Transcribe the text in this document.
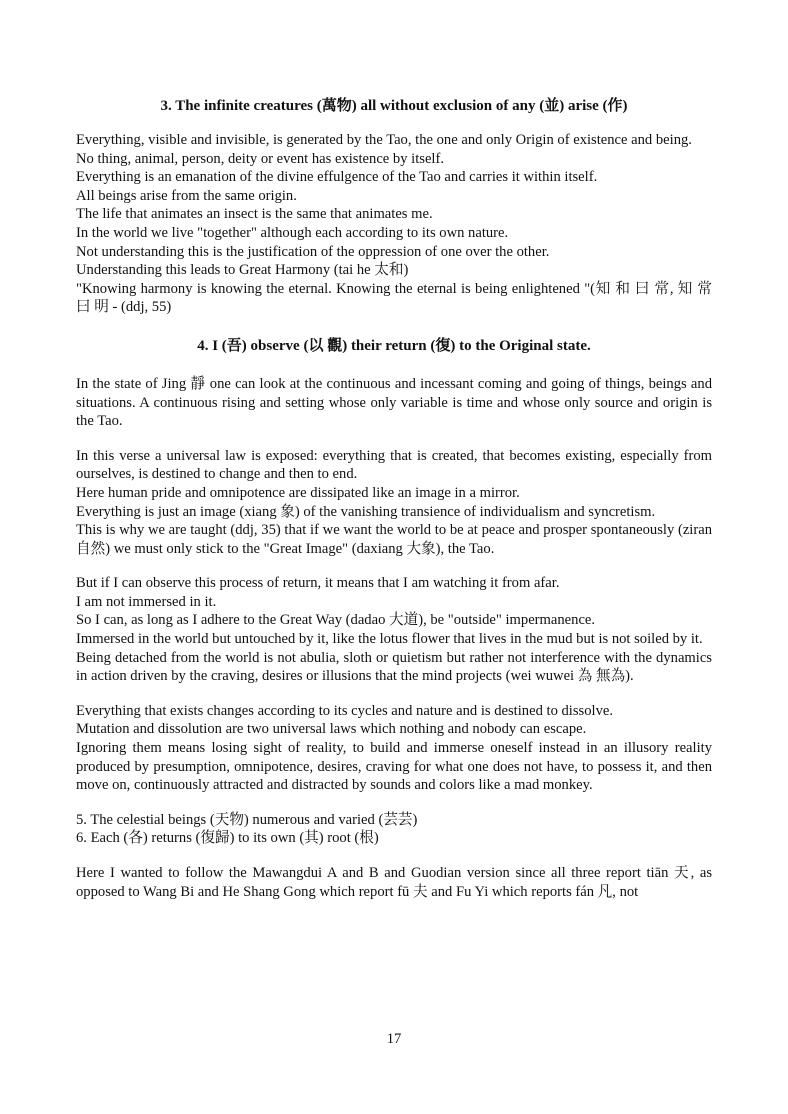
3. The infinite creatures (萬物) all without exclusion of any (並) arise (作)

Everything, visible and invisible, is generated by the Tao, the one and only Origin of existence and being.

No thing, animal, person, deity or event has existence by itself.

Everything is an emanation of the divine effulgence of the Tao and carries it within itself.

All beings arise from the same origin.

The life that animates an insect is the same that animates me.

In the world we live "together" although each according to its own nature.

Not understanding this is the justification of the oppression of one over the other.

Understanding this leads to Great Harmony (tai he 太和)

"Knowing harmony is knowing the eternal. Knowing the eternal is being enlightened "(知 和 曰 常, 知 常 曰 明 - (ddj, 55)

4. I (吾) observe (以 觀) their return (復) to the Original state.

In the state of Jing 靜 one can look at the continuous and incessant coming and going of things, beings and situations. A continuous rising and setting whose only variable is time and whose only source and origin is the Tao.

In this verse a universal law is exposed: everything that is created, that becomes existing, especially from ourselves, is destined to change and then to end.

Here human pride and omnipotence are dissipated like an image in a mirror.

Everything is just an image (xiang 象) of the vanishing transience of individualism and syncretism.

This is why we are taught (ddj, 35) that if we want the world to be at peace and prosper spontaneously (ziran 自然) we must only stick to the "Great Image" (daxiang 大象), the Tao.

But if I can observe this process of return, it means that I am watching it from afar.

I am not immersed in it.

So I can, as long as I adhere to the Great Way (dadao 大道), be "outside" impermanence.

Immersed in the world but untouched by it, like the lotus flower that lives in the mud but is not soiled by it.

Being detached from the world is not abulia, sloth or quietism but rather not interference with the dynamics in action driven by the craving, desires or illusions that the mind projects (wei wuwei 為 無為).

Everything that exists changes according to its cycles and nature and is destined to dissolve.

Mutation and dissolution are two universal laws which nothing and nobody can escape.

Ignoring them means losing sight of reality, to build and immerse oneself instead in an illusory reality produced by presumption, omnipotence, desires, craving for what one does not have, to possess it, and then move on, continuously attracted and distracted by sounds and colors like a mad monkey.

5. The celestial beings (天物) numerous and varied (芸芸)

6. Each (各) returns (復歸) to its own (其) root (根)

Here I wanted to follow the Mawangdui A and B and Guodian version since all three report tiān 天, as opposed to Wang Bi and He Shang Gong which report fū 夫 and Fu Yi which reports fán 凡, not

17
